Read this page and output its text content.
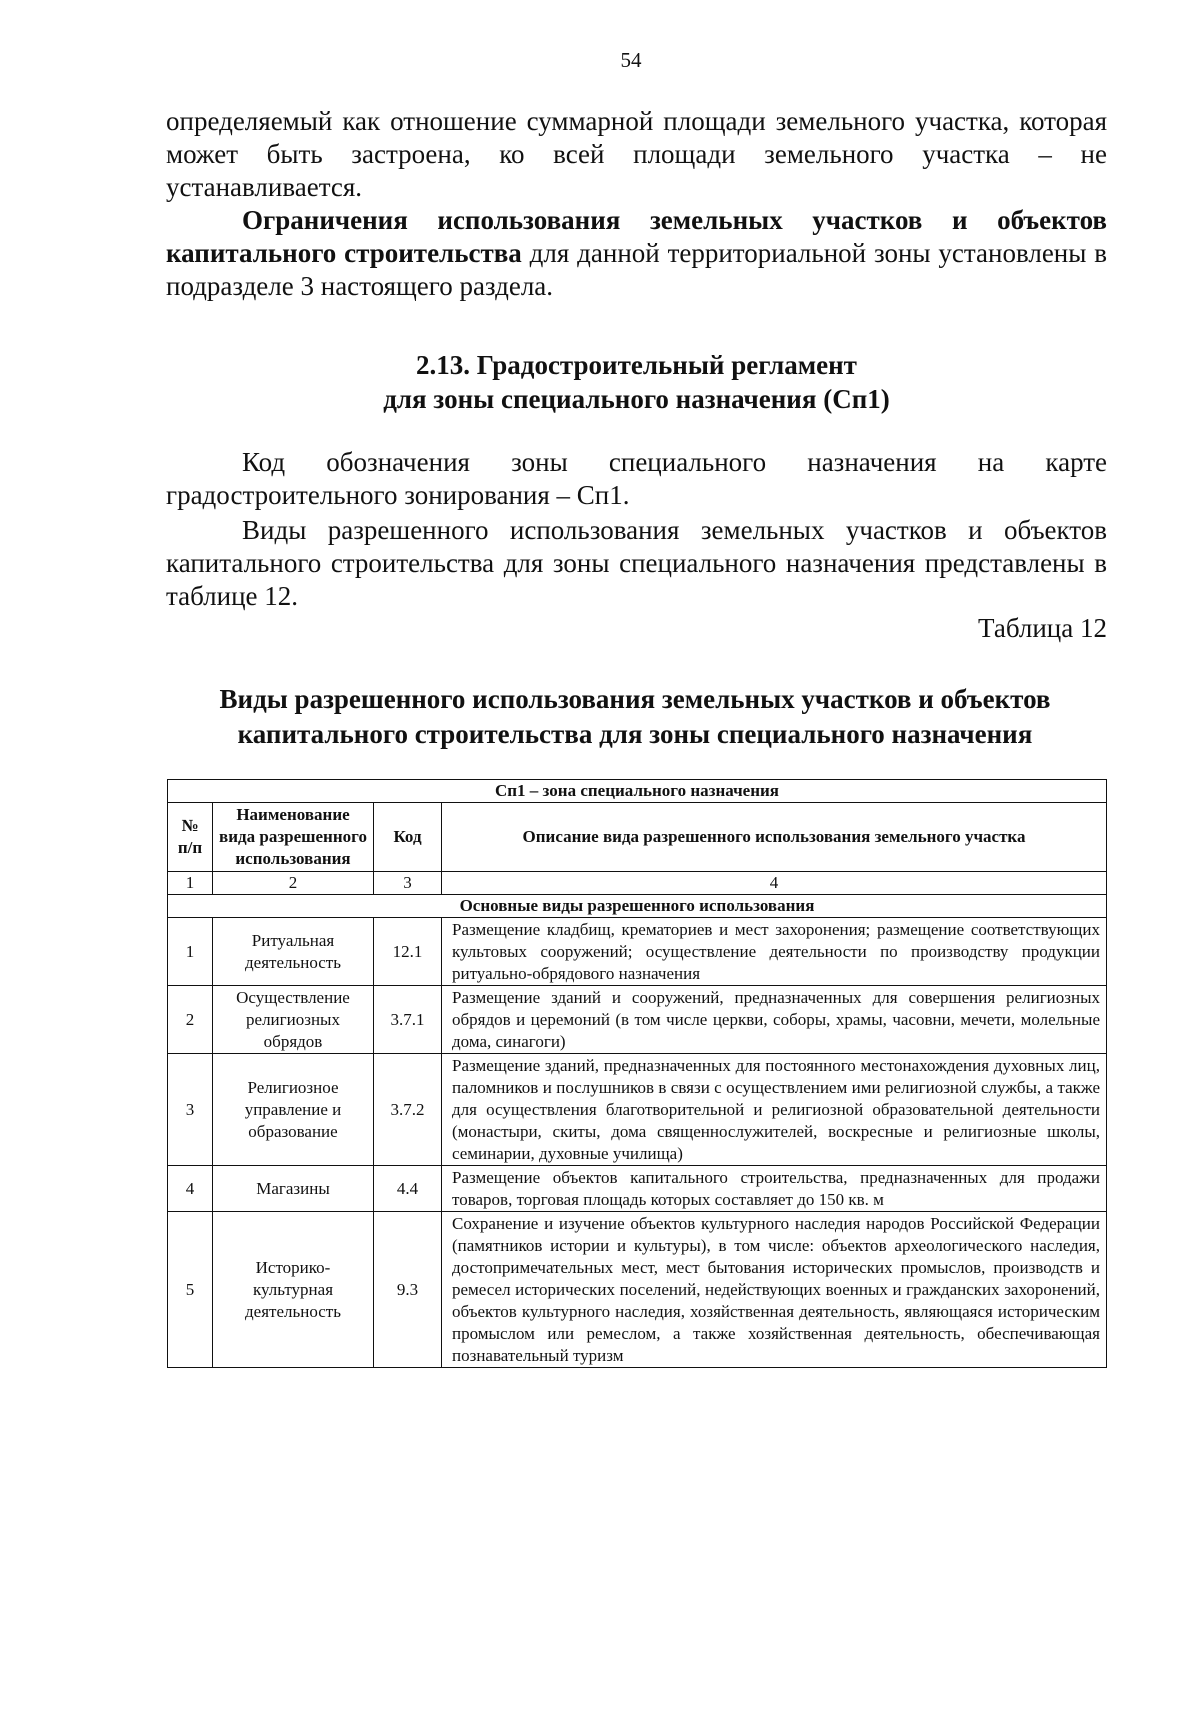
54
определяемый как отношение суммарной площади земельного участка, которая может быть застроена, ко всей площади земельного участка – не устанавливается.
Ограничения использования земельных участков и объектов капитального строительства для данной территориальной зоны установлены в подразделе 3 настоящего раздела.
2.13. Градостроительный регламент
для зоны специального назначения (Сп1)
Код обозначения зоны специального назначения на карте градостроительного зонирования – Сп1.
Виды разрешенного использования земельных участков и объектов капитального строительства для зоны специального назначения представлены в таблице 12.
Таблица 12
Виды разрешенного использования земельных участков и объектов
капитального строительства для зоны специального назначения
Сп1 – зона специального назначения			
№ п/п	Наименование вида разрешенного использования	Код	Описание вида разрешенного использования земельного участка
1	2	3	4
Основные виды разрешенного использования			
1	Ритуальная деятельность	12.1	Размещение кладбищ, крематориев и мест захоронения; размещение соответствующих культовых сооружений; осуществление деятельности по производству продукции ритуально-обрядового назначения
2	Осуществление религиозных обрядов	3.7.1	Размещение зданий и сооружений, предназначенных для совершения религиозных обрядов и церемоний (в том числе церкви, соборы, храмы, часовни, мечети, молельные дома, синагоги)
3	Религиозное управление и образование	3.7.2	Размещение зданий, предназначенных для постоянного местонахождения духовных лиц, паломников и послушников в связи с осуществлением ими религиозной службы, а также для осуществления благотворительной и религиозной образовательной деятельности (монастыри, скиты, дома священнослужителей, воскресные и религиозные школы, семинарии, духовные училища)
4	Магазины	4.4	Размещение объектов капитального строительства, предназначенных для продажи товаров, торговая площадь которых составляет до 150 кв. м
5	Историко-культурная деятельность	9.3	Сохранение и изучение объектов культурного наследия народов Российской Федерации (памятников истории и культуры), в том числе: объектов археологического наследия, достопримечательных мест, мест бытования исторических промыслов, производств и ремесел исторических поселений, недействующих военных и гражданских захоронений, объектов культурного наследия, хозяйственная деятельность, являющаяся историческим промыслом или ремеслом, а также хозяйственная деятельность, обеспечивающая познавательный туризм
